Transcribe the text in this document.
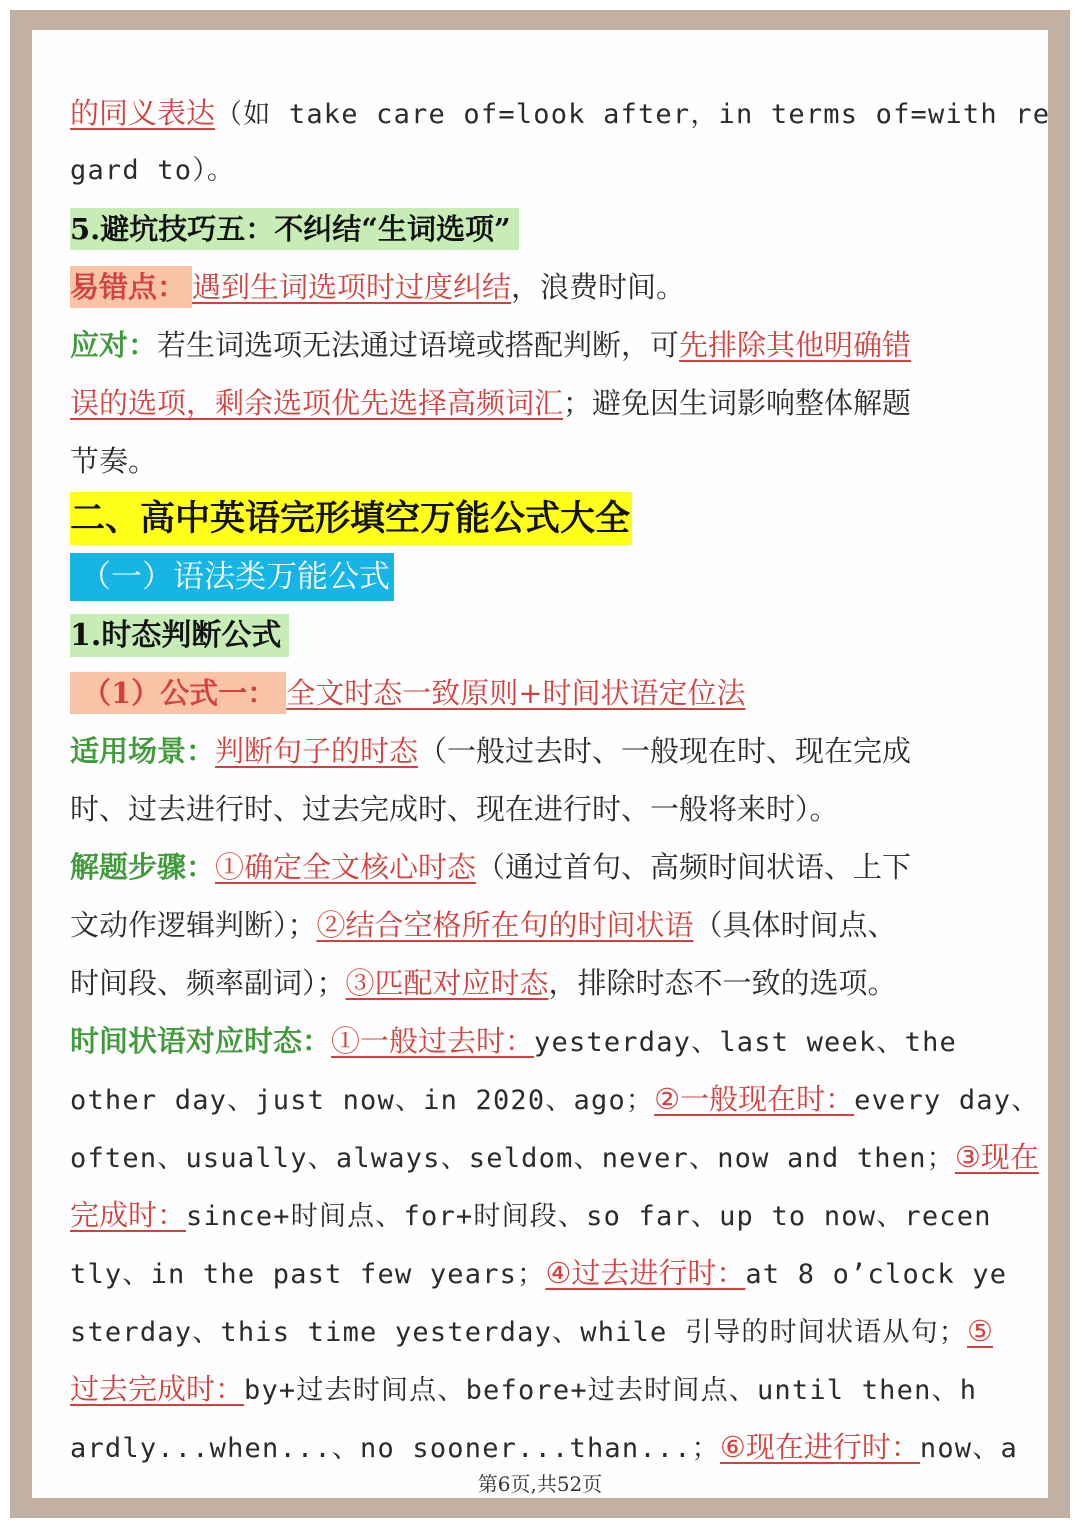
的同义表达（如 take care of=look after，in terms of=with re
gard to）。
5.避坑技巧五：不纠结“生词选项”
易错点： 遇到生词选项时过度纠结，浪费时间。
应对：若生词选项无法通过语境或搭配判断，可先排除其他明确错
误的选项，剩余选项优先选择高频词汇；避免因生词影响整体解题
节奏。
二、高中英语完形填空万能公式大全
（一）语法类万能公式
1.时态判断公式
（1）公式一： 全文时态一致原则+时间状语定位法
适用场景：判断句子的时态（一般过去时、一般现在时、现在完成
时、过去进行时、过去完成时、现在进行时、一般将来时）。
解题步骤：①确定全文核心时态（通过首句、高频时间状语、上下
文动作逻辑判断）；②结合空格所在句的时间状语（具体时间点、
时间段、频率副词）；③匹配对应时态，排除时态不一致的选项。
时间状语对应时态：①一般过去时：yesterday、last week、the
other day、just now、in 2020、ago；②一般现在时：every day、
often、usually、always、seldom、never、now and then；③现在
完成时：since+时间点、for+时间段、so far、up to now、recen
tly、in the past few years；④过去进行时：at 8 o’clock ye
sterday、this time yesterday、while 引导的时间状语从句；⑤
过去完成时：by+过去时间点、before+过去时间点、until then、h
ardly...when...、no sooner...than...；⑥现在进行时：now、a
第6页,共52页
